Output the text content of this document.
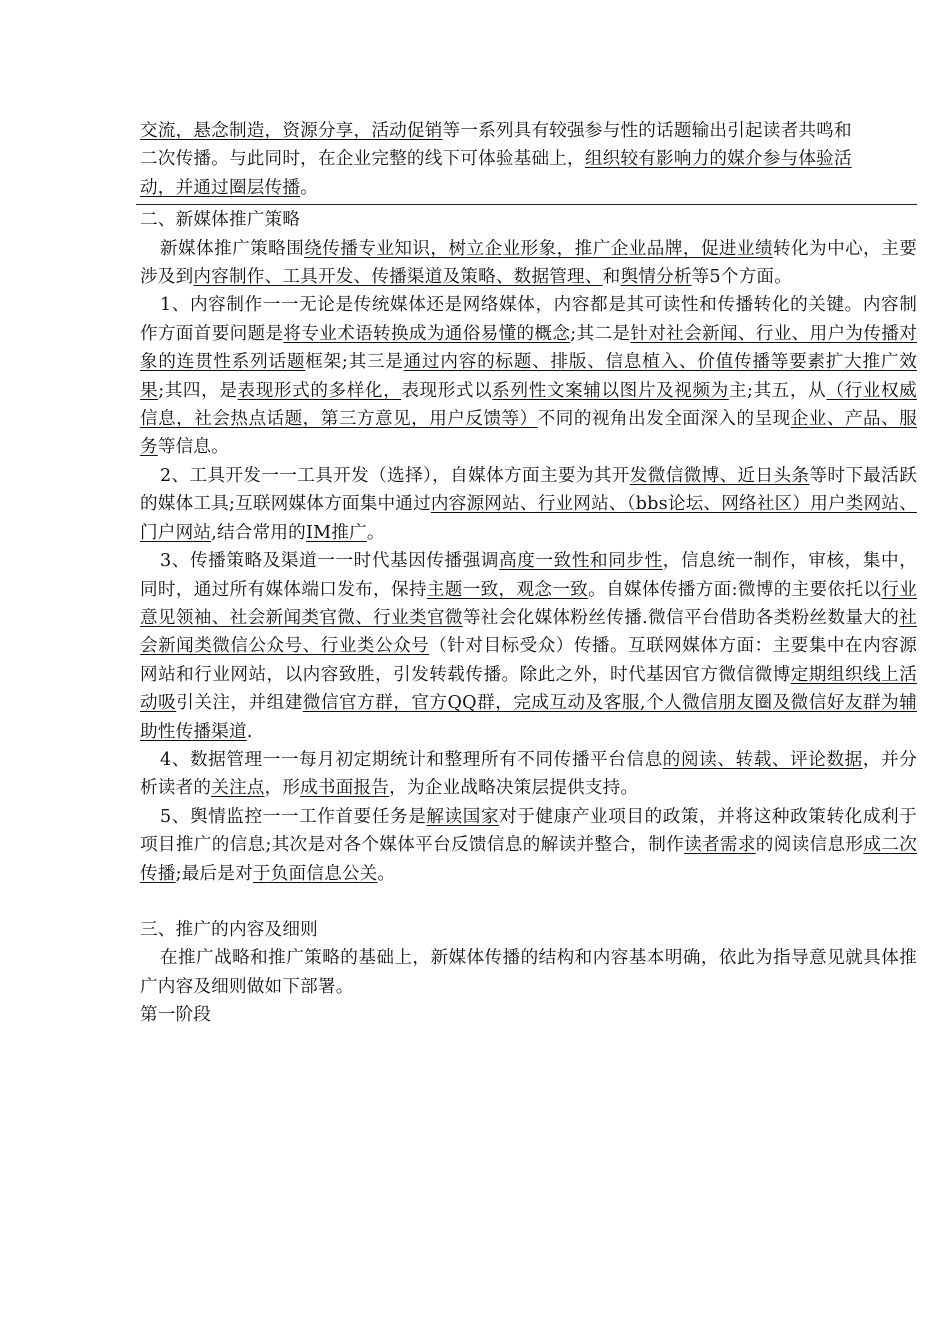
交流，悬念制造，资源分享，活动促销等一系列具有较强参与性的话题输出引起读者共鸣和
二次传播。与此同时，在企业完整的线下可体验基础上，组织较有影响力的媒介参与体验活
动，并通过圈层传播。

二、新媒体推广策略

新媒体推广策略围绕传播专业知识，树立企业形象，推广企业品牌，促进业绩转化为中心，主要涉及到内容制作、工具开发、传播渠道及策略、数据管理、和舆情分析等5个方面。

1、内容制作一一无论是传统媒体还是网络媒体，内容都是其可读性和传播转化的关键。内容制作方面首要问题是将专业术语转换成为通俗易懂的概念;其二是针对社会新闻、行业、用户为传播对象的连贯性系列话题框架;其三是通过内容的标题、排版、信息植入、价值传播等要素扩大推广效果;其四，是表现形式的多样化，表现形式以系列性文案辅以图片及视频为主;其五，从（行业权威信息，社会热点话题，第三方意见，用户反馈等）不同的视角出发全面深入的呈现企业、产品、服务等信息。

2、工具开发一一工具开发（选择），自媒体方面主要为其开发微信微博、近日头条等时下最活跃的媒体工具;互联网媒体方面集中通过内容源网站、行业网站、（bbs论坛、网络社区）用户类网站、门户网站,结合常用的IM推广。

3、传播策略及渠道一一时代基因传播强调高度一致性和同步性，信息统一制作，审核，集中，同时，通过所有媒体端口发布，保持主题一致，观念一致。自媒体传播方面:微博的主要依托以行业意见领袖、社会新闻类官微、行业类官微等社会化媒体粉丝传播.微信平台借助各类粉丝数量大的社会新闻类微信公众号、行业类公众号（针对目标受众）传播。互联网媒体方面：主要集中在内容源网站和行业网站，以内容致胜，引发转载传播。除此之外，时代基因官方微信微博定期组织线上活动吸引关注，并组建微信官方群，官方QQ群，完成互动及客服,个人微信朋友圈及微信好友群为辅助性传播渠道.

4、数据管理一一每月初定期统计和整理所有不同传播平台信息的阅读、转载、评论数据，并分析读者的关注点，形成书面报告，为企业战略决策层提供支持。

5、舆情监控一一工作首要任务是解读国家对于健康产业项目的政策，并将这种政策转化成利于项目推广的信息;其次是对各个媒体平台反馈信息的解读并整合，制作读者需求的阅读信息形成二次传播;最后是对于负面信息公关。

三、推广的内容及细则

在推广战略和推广策略的基础上，新媒体传播的结构和内容基本明确，依此为指导意见就具体推广内容及细则做如下部署。

第一阶段
